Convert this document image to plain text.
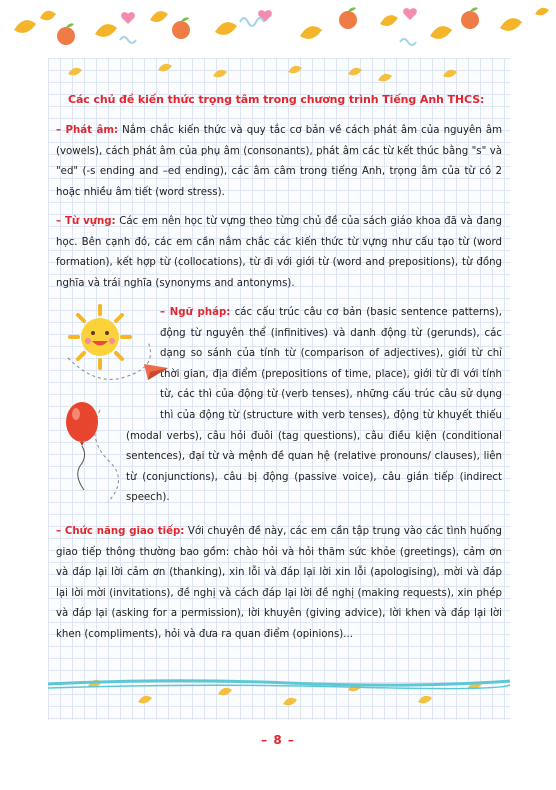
Các chủ đề kiến thức trọng tâm trong chương trình Tiếng Anh THCS:

– Phát âm: Nắm chắc kiến thức và quy tắc cơ bản về cách phát âm của nguyên âm (vowels), cách phát âm của phụ âm (consonants), phát âm các từ kết thúc bằng "s" và "ed" (-s ending and –ed ending), các âm câm trong tiếng Anh, trọng âm của từ có 2 hoặc nhiều âm tiết (word stress).

– Từ vựng: Các em nên học từ vựng theo từng chủ đề của sách giáo khoa đã và đang học. Bên cạnh đó, các em cần nắm chắc các kiến thức từ vựng như cấu tạo từ (word formation), kết hợp từ (collocations), từ đi với giới từ (word and prepositions), từ đồng nghĩa và trái nghĩa (synonyms and antonyms).

– Ngữ pháp: các cấu trúc câu cơ bản (basic sentence patterns), động từ nguyên thể (infinitives) và danh động từ (gerunds), các dạng so sánh của tính từ (comparison of adjectives), giới từ chỉ thời gian, địa điểm (prepositions of time, place), giới từ đi với tính từ, các thì của động từ (verb tenses), những cấu trúc câu sử dụng thì của động từ (structure with verb tenses), động từ khuyết thiếu (modal verbs), câu hỏi đuôi (tag questions), câu điều kiện (conditional sentences), đại từ và mệnh đề quan hệ (relative pronouns/ clauses), liên từ (conjunctions), câu bị động (passive voice), câu gián tiếp (indirect speech).

– Chức năng giao tiếp: Với chuyên đề này, các em cần tập trung vào các tình huống giao tiếp thông thường bao gồm: chào hỏi và hỏi thăm sức khỏe (greetings), cảm ơn và đáp lại lời cảm ơn (thanking), xin lỗi và đáp lại lời xin lỗi (apologising), mời và đáp lại lời mời (invitations), đề nghị và cách đáp lại lời đề nghị (making requests), xin phép và đáp lại (asking for a permission), lời khuyên (giving advice), lời khen và đáp lại lời khen (compliments), hỏi và đưa ra quan điểm (opinions)...

– 8 –
